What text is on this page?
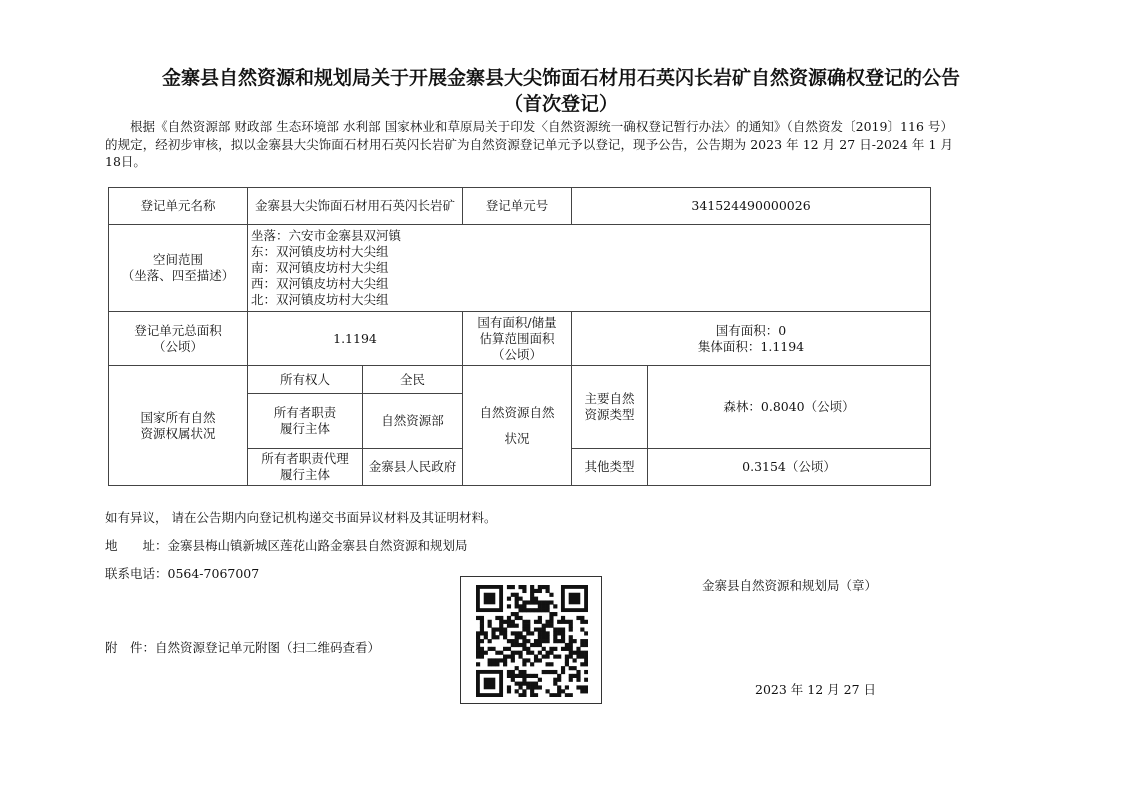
金寨县自然资源和规划局关于开展金寨县大尖饰面石材用石英闪长岩矿自然资源确权登记的公告
（首次登记）

根据《自然资源部 财政部 生态环境部 水利部 国家林业和草原局关于印发〈自然资源统一确权登记暂行办法〉的通知》（自然资发〔2019〕116 号）的规定，经初步审核，拟以金寨县大尖饰面石材用石英闪长岩矿为自然资源登记单元予以登记，现予公告，公告期为 2023 年 12 月 27 日-2024 年 1 月18日。

登记单元名称	金寨县大尖饰面石材用石英闪长岩矿		登记单元号	341524490000026	

空间范围
（坐落、四至描述）	坐落：六安市金寨县双河镇
东：双河镇皮坊村大尖组
南：双河镇皮坊村大尖组
西：双河镇皮坊村大尖组
北：双河镇皮坊村大尖组				

登记单元总面积
（公顷）	1.1194		国有面积/储量
估算范围面积
（公顷）	国有面积：0
集体面积：1.1194	

国家所有自然
资源权属状况	所有权人	全民	自然资源自然
状况	主要自然
资源类型	森林：0.8040（公顷）

	所有者职责
履行主体	自然资源部			

	所有者职责代理
履行主体	金寨县人民政府		其他类型	0.3154（公顷）
如有异议， 请在公告期内向登记机构递交书面异议材料及其证明材料。
地　　址：金寨县梅山镇新城区莲花山路金寨县自然资源和规划局
联系电话：0564-7067007
附　件：自然资源登记单元附图（扫二维码查看）
金寨县自然资源和规划局（章）
2023 年 12 月 27 日
